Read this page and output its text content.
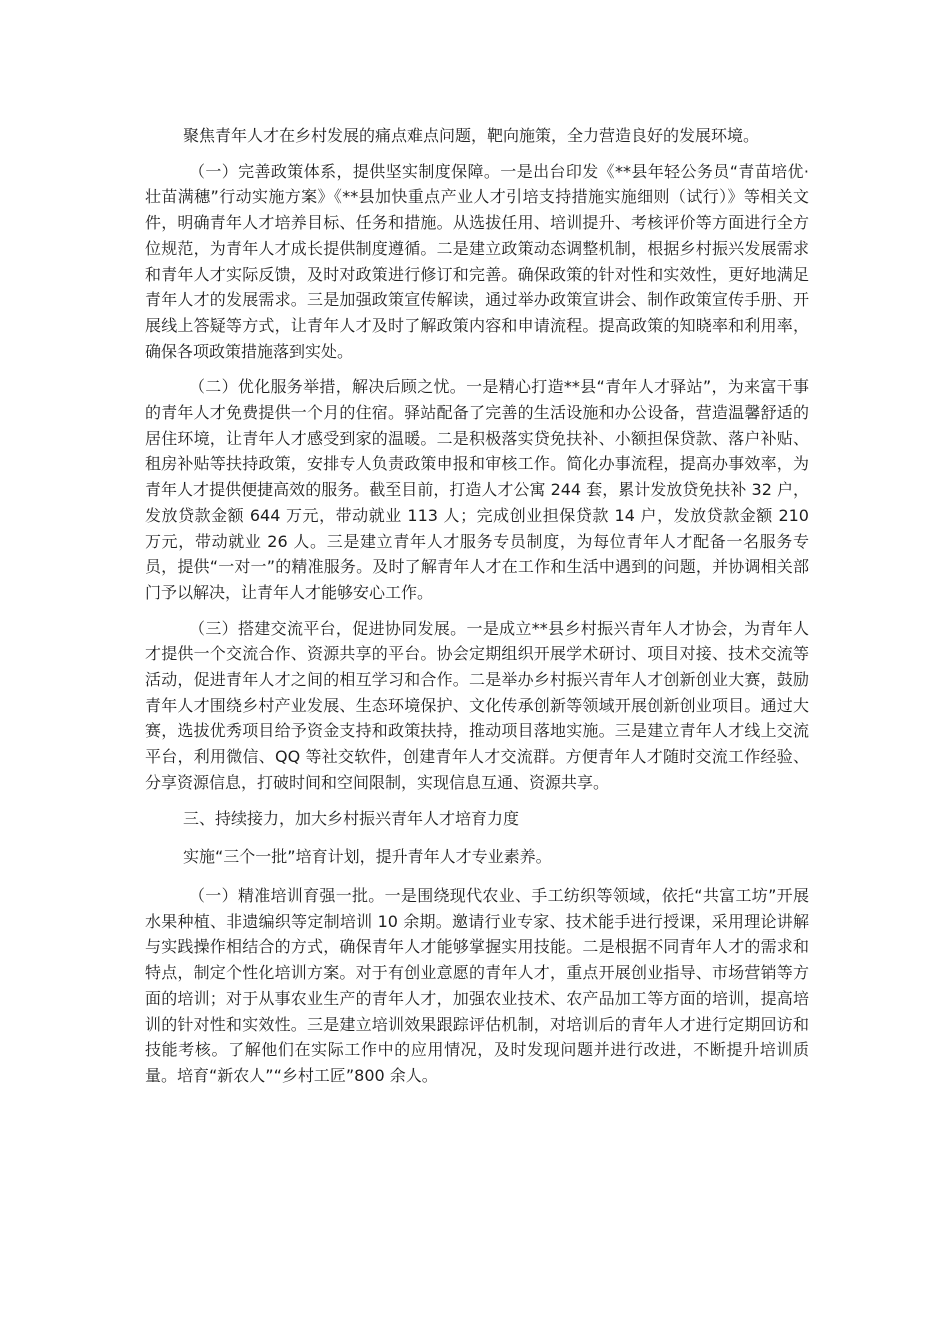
聚焦青年人才在乡村发展的痛点难点问题，靶向施策，全力营造良好的发展环境。

（一）完善政策体系，提供坚实制度保障。一是出台印发《**县年轻公务员“青苗培优·壮苗满穗”行动实施方案》《**县加快重点产业人才引培支持措施实施细则（试行）》等相关文件，明确青年人才培养目标、任务和措施。从选拔任用、培训提升、考核评价等方面进行全方位规范，为青年人才成长提供制度遵循。二是建立政策动态调整机制，根据乡村振兴发展需求和青年人才实际反馈，及时对政策进行修订和完善。确保政策的针对性和实效性，更好地满足青年人才的发展需求。三是加强政策宣传解读，通过举办政策宣讲会、制作政策宣传手册、开展线上答疑等方式，让青年人才及时了解政策内容和申请流程。提高政策的知晓率和利用率，确保各项政策措施落到实处。

（二）优化服务举措，解决后顾之忧。一是精心打造**县“青年人才驿站”，为来富干事的青年人才免费提供一个月的住宿。驿站配备了完善的生活设施和办公设备，营造温馨舒适的居住环境，让青年人才感受到家的温暖。二是积极落实贷免扶补、小额担保贷款、落户补贴、租房补贴等扶持政策，安排专人负责政策申报和审核工作。简化办事流程，提高办事效率，为青年人才提供便捷高效的服务。截至目前，打造人才公寓 244 套，累计发放贷免扶补 32 户，发放贷款金额 644 万元，带动就业 113 人；完成创业担保贷款 14 户，发放贷款金额 210 万元，带动就业 26 人。三是建立青年人才服务专员制度，为每位青年人才配备一名服务专员，提供“一对一”的精准服务。及时了解青年人才在工作和生活中遇到的问题，并协调相关部门予以解决，让青年人才能够安心工作。

（三）搭建交流平台，促进协同发展。一是成立**县乡村振兴青年人才协会，为青年人才提供一个交流合作、资源共享的平台。协会定期组织开展学术研讨、项目对接、技术交流等活动，促进青年人才之间的相互学习和合作。二是举办乡村振兴青年人才创新创业大赛，鼓励青年人才围绕乡村产业发展、生态环境保护、文化传承创新等领域开展创新创业项目。通过大赛，选拔优秀项目给予资金支持和政策扶持，推动项目落地实施。三是建立青年人才线上交流平台，利用微信、QQ 等社交软件，创建青年人才交流群。方便青年人才随时交流工作经验、分享资源信息，打破时间和空间限制，实现信息互通、资源共享。

三、持续接力，加大乡村振兴青年人才培育力度

实施“三个一批”培育计划，提升青年人才专业素养。

（一）精准培训育强一批。一是围绕现代农业、手工纺织等领域，依托“共富工坊”开展水果种植、非遗编织等定制培训 10 余期。邀请行业专家、技术能手进行授课，采用理论讲解与实践操作相结合的方式，确保青年人才能够掌握实用技能。二是根据不同青年人才的需求和特点，制定个性化培训方案。对于有创业意愿的青年人才，重点开展创业指导、市场营销等方面的培训；对于从事农业生产的青年人才，加强农业技术、农产品加工等方面的培训，提高培训的针对性和实效性。三是建立培训效果跟踪评估机制，对培训后的青年人才进行定期回访和技能考核。了解他们在实际工作中的应用情况，及时发现问题并进行改进，不断提升培训质量。培育“新农人”“乡村工匠”800 余人。
